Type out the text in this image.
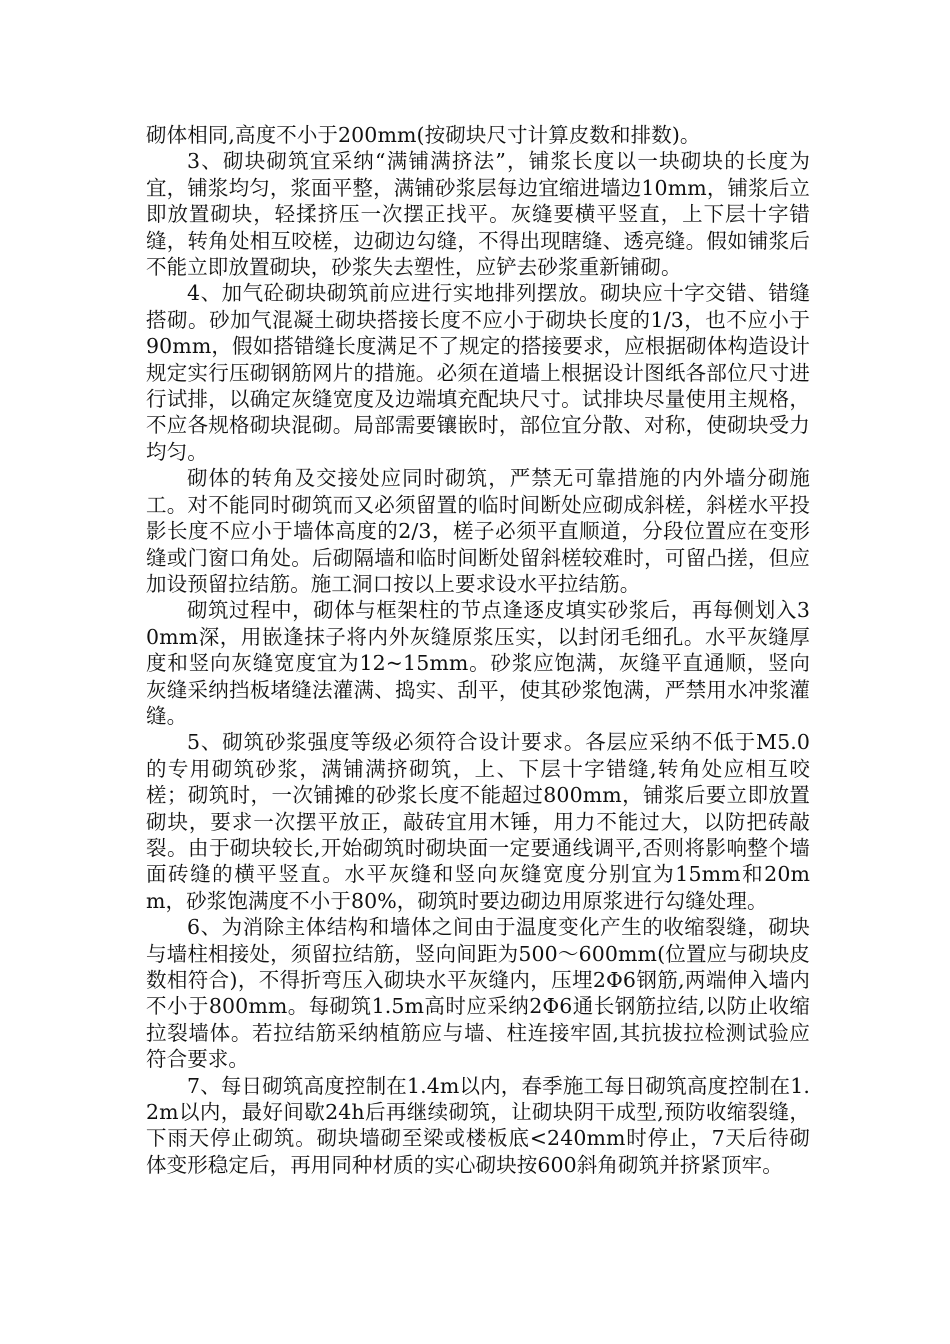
砌体相同,高度不小于200mm(按砌块尺寸计算皮数和排数)。

3、砌块砌筑宜采纳“满铺满挤法”，铺浆长度以一块砌块的长度为宜，铺浆均匀，浆面平整，满铺砂浆层每边宜缩进墙边10mm，铺浆后立即放置砌块，轻揉挤压一次摆正找平。灰缝要横平竖直，上下层十字错缝，转角处相互咬槎，边砌边勾缝，不得出现瞎缝、透亮缝。假如铺浆后不能立即放置砌块，砂浆失去塑性，应铲去砂浆重新铺砌。

4、加气砼砌块砌筑前应进行实地排列摆放。砌块应十字交错、错缝搭砌。砂加气混凝土砌块搭接长度不应小于砌块长度的1/3，也不应小于90mm，假如搭错缝长度满足不了规定的搭接要求，应根据砌体构造设计规定实行压砌钢筋网片的措施。必须在道墙上根据设计图纸各部位尺寸进行试排，以确定灰缝宽度及边端填充配块尺寸。试排块尽量使用主规格，不应各规格砌块混砌。局部需要镶嵌时，部位宜分散、对称，使砌块受力均匀。

砌体的转角及交接处应同时砌筑，严禁无可靠措施的内外墙分砌施工。对不能同时砌筑而又必须留置的临时间断处应砌成斜槎，斜槎水平投影长度不应小于墙体高度的2/3，槎子必须平直顺道，分段位置应在变形缝或门窗口角处。后砌隔墙和临时间断处留斜槎较难时，可留凸搓，但应加设预留拉结筋。施工洞口按以上要求设水平拉结筋。

砌筑过程中，砌体与框架柱的节点逢逐皮填实砂浆后，再每侧划入30mm深，用嵌逢抹子将内外灰缝原浆压实，以封闭毛细孔。水平灰缝厚度和竖向灰缝宽度宜为12~15mm。砂浆应饱满，灰缝平直通顺，竖向灰缝采纳挡板堵缝法灌满、捣实、刮平，使其砂浆饱满，严禁用水冲浆灌缝。

5、砌筑砂浆强度等级必须符合设计要求。各层应采纳不低于M5.0的专用砌筑砂浆，满铺满挤砌筑，上、下层十字错缝,转角处应相互咬槎；砌筑时，一次铺摊的砂浆长度不能超过800mm，铺浆后要立即放置砌块，要求一次摆平放正，敲砖宜用木锤，用力不能过大，以防把砖敲裂。由于砌块较长,开始砌筑时砌块面一定要通线调平,否则将影响整个墙面砖缝的横平竖直。水平灰缝和竖向灰缝宽度分别宜为15mm和20mm，砂浆饱满度不小于80%，砌筑时要边砌边用原浆进行勾缝处理。

6、为消除主体结构和墙体之间由于温度变化产生的收缩裂缝，砌块与墙柱相接处，须留拉结筋，竖向间距为500～600mm(位置应与砌块皮数相符合)，不得折弯压入砌块水平灰缝内，压埋2Φ6钢筋,两端伸入墙内不小于800mm。每砌筑1.5m高时应采纳2Φ6通长钢筋拉结,以防止收缩拉裂墙体。若拉结筋采纳植筋应与墙、柱连接牢固,其抗拔拉检测试验应符合要求。

7、每日砌筑高度控制在1.4m以内，春季施工每日砌筑高度控制在1.2m以内，最好间歇24h后再继续砌筑，让砌块阴干成型,预防收缩裂缝，下雨天停止砌筑。砌块墙砌至梁或楼板底<240mm时停止，7天后待砌体变形稳定后，再用同种材质的实心砌块按600斜角砌筑并挤紧顶牢。
